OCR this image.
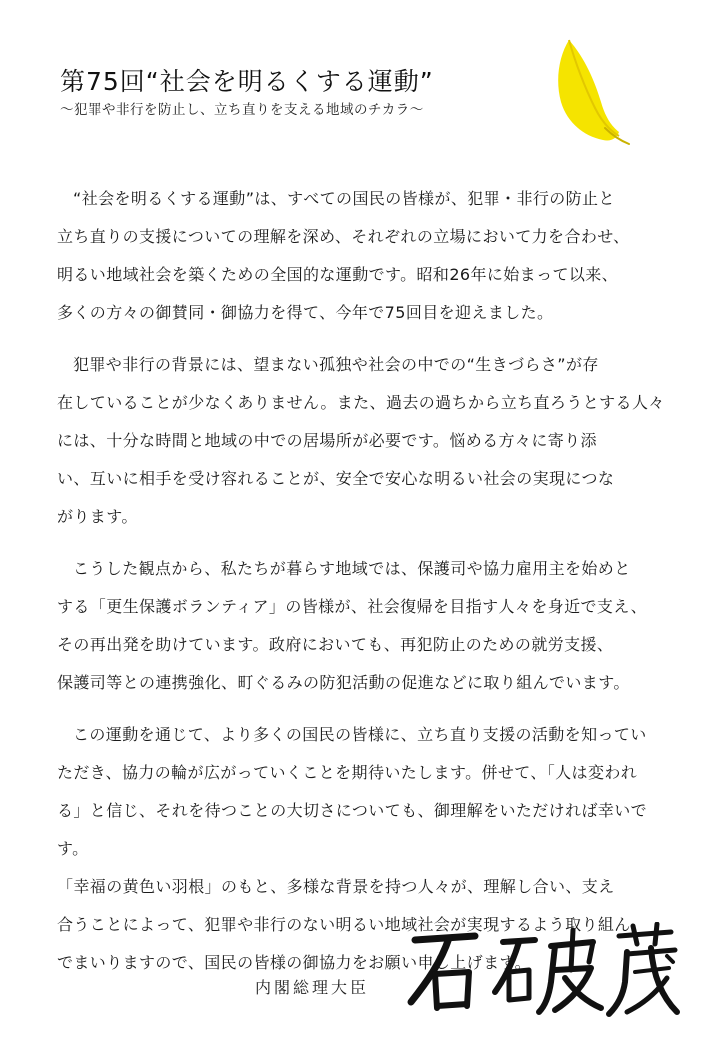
第75回“社会を明るくする運動”
～犯罪や非行を防止し、立ち直りを支える地域のチカラ～

“社会を明るくする運動”は、すべての国民の皆様が、犯罪・非行の防止と
立ち直りの支援についての理解を深め、それぞれの立場において力を合わせ、
明るい地域社会を築くための全国的な運動です。昭和26年に始まって以来、
多くの方々の御賛同・御協力を得て、今年で75回目を迎えました。

犯罪や非行の背景には、望まない孤独や社会の中での“生きづらさ”が存
在していることが少なくありません。また、過去の過ちから立ち直ろうとする人々
には、十分な時間と地域の中での居場所が必要です。悩める方々に寄り添
い、互いに相手を受け容れることが、安全で安心な明るい社会の実現につな
がります。

こうした観点から、私たちが暮らす地域では、保護司や協力雇用主を始めと
する「更生保護ボランティア」の皆様が、社会復帰を目指す人々を身近で支え、
その再出発を助けています。政府においても、再犯防止のための就労支援、
保護司等との連携強化、町ぐるみの防犯活動の促進などに取り組んでいます。

この運動を通じて、より多くの国民の皆様に、立ち直り支援の活動を知ってい
ただき、協力の輪が広がっていくことを期待いたします。併せて、「人は変われ
る」と信じ、それを待つことの大切さについても、御理解をいただければ幸いです。
「幸福の黄色い羽根」のもと、多様な背景を持つ人々が、理解し合い、支え
合うことによって、犯罪や非行のない明るい地域社会が実現するよう取り組ん
でまいりますので、国民の皆様の御協力をお願い申し上げます。

内閣総理大臣
